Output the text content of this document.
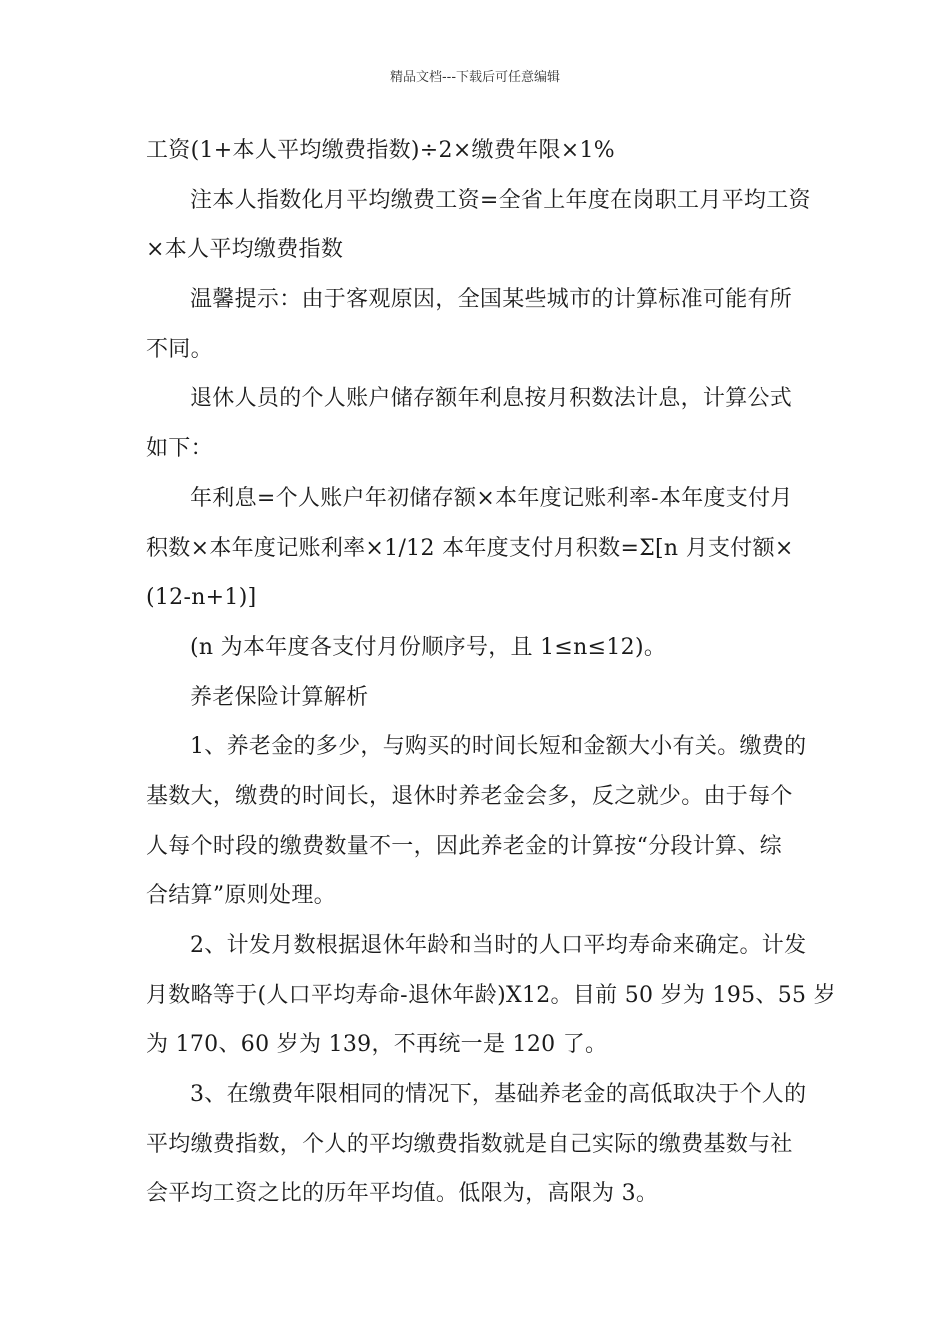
精品文档---下载后可任意编辑
工资(1+本人平均缴费指数)÷2×缴费年限×1%
注本人指数化月平均缴费工资=全省上年度在岗职工月平均工资
×本人平均缴费指数
温馨提示：由于客观原因，全国某些城市的计算标准可能有所
不同。
退休人员的个人账户储存额年利息按月积数法计息，计算公式
如下：
年利息=个人账户年初储存额×本年度记账利率-本年度支付月
积数×本年度记账利率×1/12 本年度支付月积数=Σ[n 月支付额×
(12-n+1)]
(n 为本年度各支付月份顺序号，且 1≤n≤12)。
养老保险计算解析
1、养老金的多少，与购买的时间长短和金额大小有关。缴费的
基数大，缴费的时间长，退休时养老金会多，反之就少。由于每个
人每个时段的缴费数量不一，因此养老金的计算按“分段计算、综
合结算”原则处理。
2、计发月数根据退休年龄和当时的人口平均寿命来确定。计发
月数略等于(人口平均寿命-退休年龄)X12。目前 50 岁为 195、55 岁
为 170、60 岁为 139，不再统一是 120 了。
3、在缴费年限相同的情况下，基础养老金的高低取决于个人的
平均缴费指数，个人的平均缴费指数就是自己实际的缴费基数与社
会平均工资之比的历年平均值。低限为，高限为 3。
